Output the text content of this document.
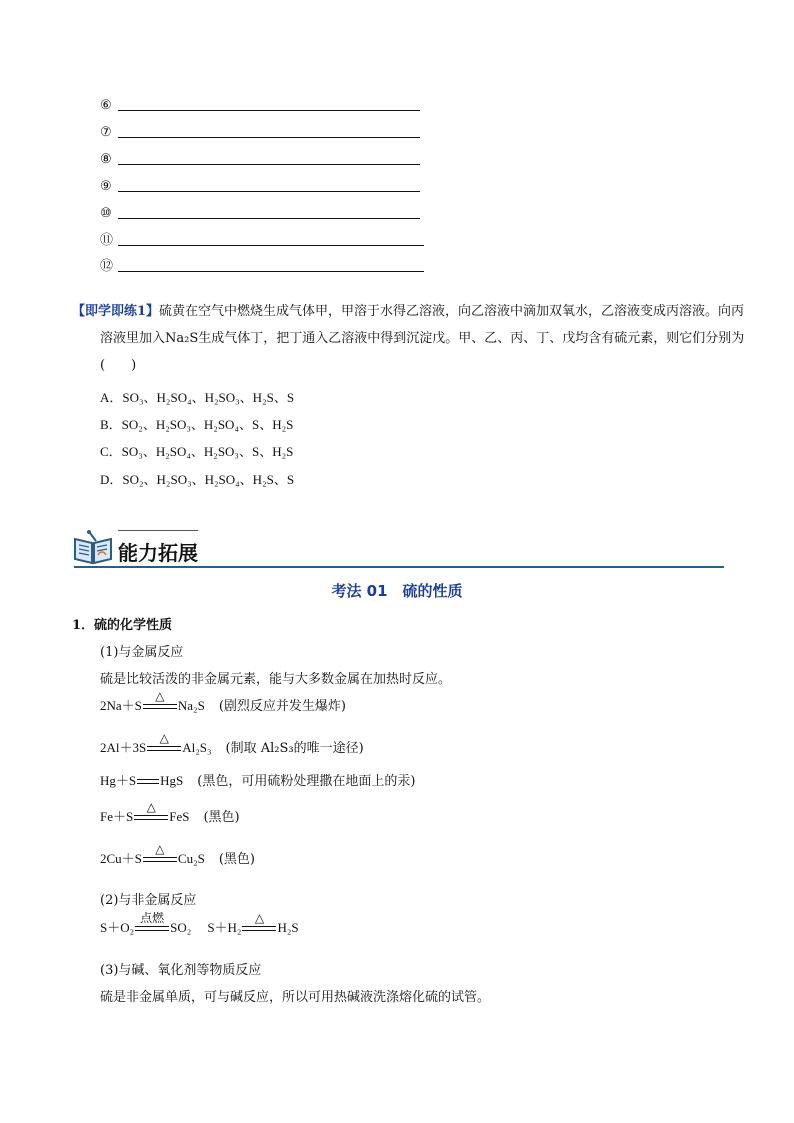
⑥
⑦
⑧
⑨
⑩
⑪
⑫
【即学即练1】硫黄在空气中燃烧生成气体甲，甲溶于水得乙溶液，向乙溶液中滴加双氧水，乙溶液变成丙溶液。向丙溶液里加入Na₂S生成气体丁，把丁通入乙溶液中得到沉淀戊。甲、乙、丙、丁、戊均含有硫元素，则它们分别为(　　)
A．SO₃、H₂SO₄、H₂SO₃、H₂S、S
B．SO₂、H₂SO₃、H₂SO₄、S、H₂S
C．SO₃、H₂SO₄、H₂SO₃、S、H₂S
D．SO₂、H₂SO₃、H₂SO₄、H₂S、S
能力拓展
考法 01　硫的性质
1．硫的化学性质
(1)与金属反应
硫是比较活泼的非金属元素，能与大多数金属在加热时反应。
2Na＋S
△
Na₂S (剧烈反应并发生爆炸)
2Al＋3S
△
Al₂S₃ (制取 Al₂S₃的唯一途径)
Hg＋S HgS (黑色，可用硫粉处理撒在地面上的汞)
Fe＋S
△
FeS (黑色)
2Cu＋S
△
Cu₂S (黑色)
(2)与非金属反应
S＋O₂
点燃
SO₂ S＋H₂
△
H₂S
(3)与碱、氧化剂等物质反应
硫是非金属单质，可与碱反应，所以可用热碱液洗涤熔化硫的试管。
